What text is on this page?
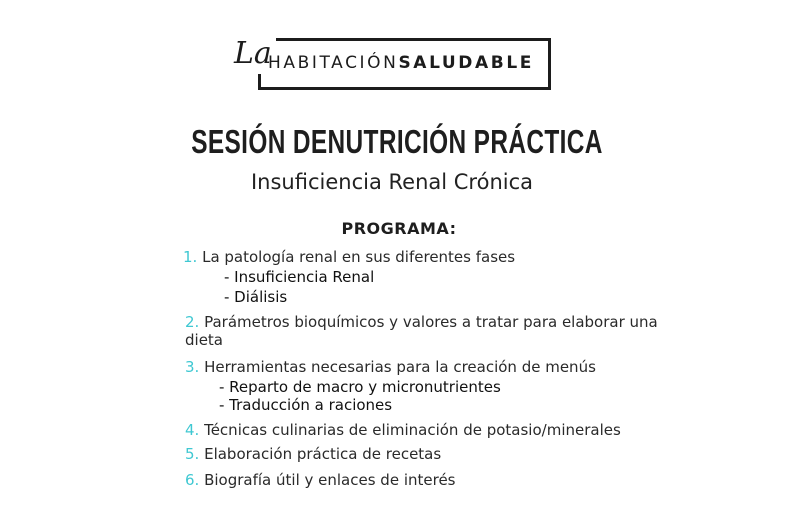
La
HABITACIÓNSALUDABLE
SESIÓN DENUTRICIÓN PRÁCTICA
Insuficiencia Renal Crónica
PROGRAMA:
1. La patología renal en sus diferentes fases
- Insuficiencia Renal
- Diálisis
2. Parámetros bioquímicos y valores a tratar para elaborar una
dieta
3. Herramientas necesarias para la creación de menús
- Reparto de macro y micronutrientes
- Traducción a raciones
4. Técnicas culinarias de eliminación de potasio/minerales
5. Elaboración práctica de recetas
6. Biografía útil y enlaces de interés
